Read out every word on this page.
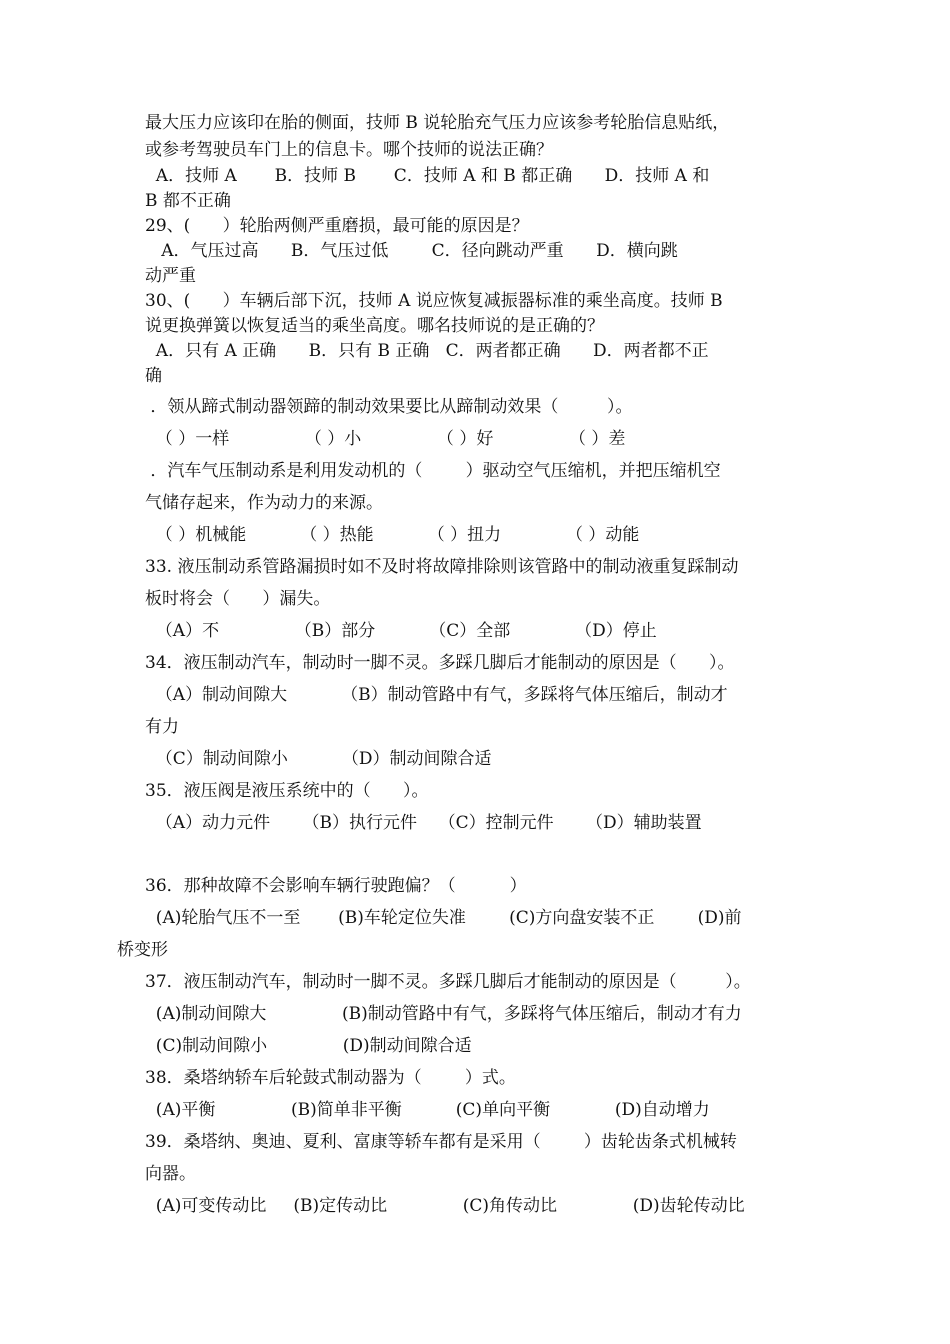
最大压力应该印在胎的侧面，技师 B 说轮胎充气压力应该参考轮胎信息贴纸，
或参考驾驶员车门上的信息卡。哪个技师的说法正确？
A．技师 A       B．技师 B       C．技师 A 和 B 都正确      D．技师 A 和
B 都不正确
29、(      ）轮胎两侧严重磨损，最可能的原因是？
A．气压过高      B．气压过低        C．径向跳动严重      D．横向跳
动严重
30、(      ）车辆后部下沉，技师 A 说应恢复减振器标准的乘坐高度。技师 B
说更换弹簧以恢复适当的乘坐高度。哪名技师说的是正确的？
A．只有 A 正确      B．只有 B 正确   C．两者都正确      D．两者都不正
确
．领从蹄式制动器领蹄的制动效果要比从蹄制动效果（         ）。
（ ）一样              （ ）小              （ ）好              （ ）差
．汽车气压制动系是利用发动机的（        ）驱动空气压缩机，并把压缩机空
气储存起来，作为动力的来源。
（ ）机械能          （ ）热能          （ ）扭力            （ ）动能
33. 液压制动系管路漏损时如不及时将故障排除则该管路中的制动液重复踩制动
板时将会（      ）漏失。
（A）不              （B）部分          （C）全部            （D）停止
34．液压制动汽车，制动时一脚不灵。多踩几脚后才能制动的原因是（      ）。
（A）制动间隙大          （B）制动管路中有气，多踩将气体压缩后，制动才
有力
（C）制动间隙小          （D）制动间隙合适
35．液压阀是液压系统中的（      ）。
（A）动力元件      （B）执行元件    （C）控制元件      （D）辅助装置
36．那种故障不会影响车辆行驶跑偏？（          ）
(A)轮胎气压不一至       (B)车轮定位失准        (C)方向盘安装不正        (D)前
桥变形
37．液压制动汽车，制动时一脚不灵。多踩几脚后才能制动的原因是（         ）。
(A)制动间隙大              (B)制动管路中有气，多踩将气体压缩后，制动才有力
(C)制动间隙小              (D)制动间隙合适
38．桑塔纳轿车后轮鼓式制动器为（        ）式。
(A)平衡              (B)简单非平衡          (C)单向平衡            (D)自动增力
39．桑塔纳、奥迪、夏利、富康等轿车都有是采用（        ）齿轮齿条式机械转
向器。
(A)可变传动比     (B)定传动比              (C)角传动比              (D)齿轮传动比
